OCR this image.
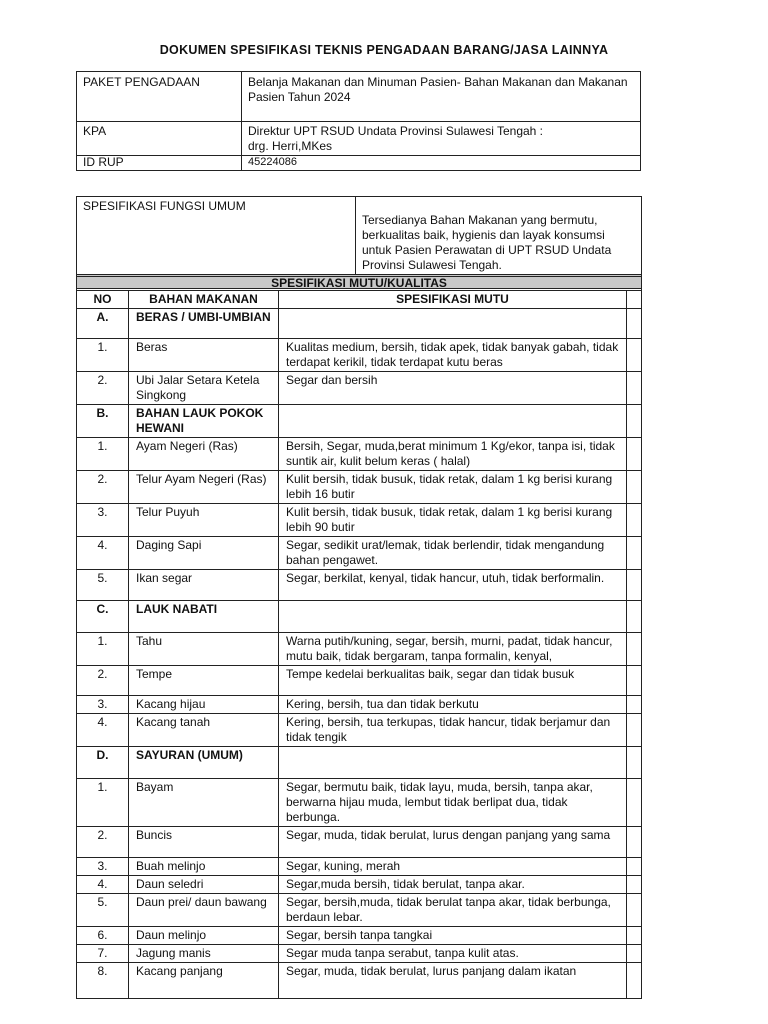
DOKUMEN SPESIFIKASI TEKNIS PENGADAAN BARANG/JASA LAINNYA
PAKET PENGADAAN	Belanja Makanan dan Minuman Pasien- Bahan Makanan dan Makanan Pasien Tahun 2024
KPA	Direktur UPT RSUD Undata Provinsi Sulawesi Tengah :
drg. Herri,MKes

ID RUP	45224086
SPESIFIKASI FUNGSI UMUM	Tersedianya Bahan Makanan yang bermutu, berkualitas baik, hygienis dan layak konsumsi untuk Pasien Perawatan di UPT RSUD Undata Provinsi Sulawesi Tengah.

SPESIFIKASI MUTU/KUALITAS			
NO	BAHAN MAKANAN	SPESIFIKASI MUTU	
A.	BERAS / UMBI-UMBIAN		
1.	Beras	Kualitas medium, bersih, tidak apek, tidak banyak gabah, tidak terdapat kerikil, tidak terdapat kutu beras	
2.	Ubi Jalar Setara Ketela Singkong	Segar dan bersih	
B.	BAHAN LAUK POKOK HEWANI		
1.	Ayam Negeri (Ras)	Bersih, Segar, muda,berat minimum 1 Kg/ekor, tanpa isi, tidak suntik air, kulit belum keras ( halal)	
2.	Telur Ayam Negeri (Ras)	Kulit bersih, tidak busuk, tidak retak, dalam 1 kg berisi kurang lebih 16 butir	
3.	Telur Puyuh	Kulit bersih, tidak busuk, tidak retak, dalam 1 kg berisi kurang lebih 90 butir	
4.	Daging Sapi	Segar, sedikit urat/lemak, tidak berlendir, tidak mengandung bahan pengawet.	
5.	Ikan segar	Segar, berkilat, kenyal, tidak hancur, utuh, tidak berformalin.	
C.	LAUK NABATI		
1.	Tahu	Warna putih/kuning, segar, bersih, murni, padat, tidak hancur, mutu baik, tidak bergaram, tanpa formalin, kenyal,	
2.	Tempe	Tempe kedelai berkualitas baik, segar dan tidak busuk	
3.	Kacang hijau	Kering, bersih, tua dan tidak berkutu	
4.	Kacang tanah	Kering, bersih, tua terkupas, tidak hancur, tidak berjamur dan tidak tengik	
D.	SAYURAN (UMUM)		
1.	Bayam	Segar, bermutu baik, tidak layu, muda, bersih, tanpa akar, berwarna hijau muda, lembut tidak berlipat dua, tidak berbunga.	
2.	Buncis	Segar, muda, tidak berulat, lurus dengan panjang yang sama	
3.	Buah melinjo	Segar, kuning, merah	
4.	Daun seledri	Segar,muda bersih, tidak berulat, tanpa akar.	
5.	Daun prei/ daun bawang	Segar, bersih,muda, tidak berulat tanpa akar, tidak berbunga, berdaun lebar.	
6.	Daun melinjo	Segar, bersih tanpa tangkai	
7.	Jagung manis	Segar muda tanpa serabut, tanpa kulit atas.	
8.	Kacang panjang	Segar, muda, tidak berulat, lurus panjang dalam ikatan	
